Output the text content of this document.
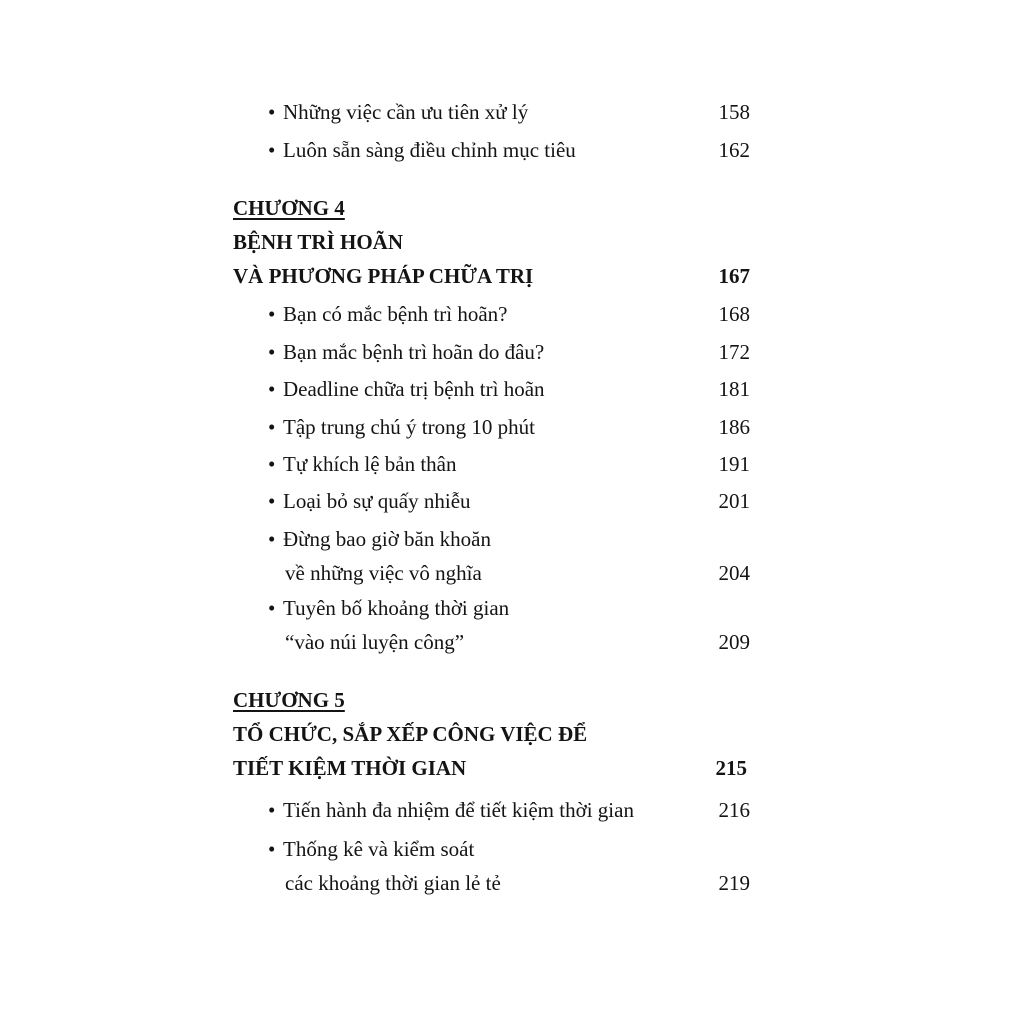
• Những việc cần ưu tiên xử lý	158
• Luôn sẵn sàng điều chỉnh mục tiêu	162
CHƯƠNG 4
BỆNH TRÌ HOÃN
VÀ PHƯƠNG PHÁP CHỮA TRỊ	167
• Bạn có mắc bệnh trì hoãn?	168
• Bạn mắc bệnh trì hoãn do đâu?	172
• Deadline chữa trị bệnh trì hoãn	181
• Tập trung chú ý trong 10 phút	186
• Tự khích lệ bản thân	191
• Loại bỏ sự quấy nhiễu	201
• Đừng bao giờ băn khoăn
về những việc vô nghĩa	204
• Tuyên bố khoảng thời gian
“vào núi luyện công”	209
CHƯƠNG 5
TỔ CHỨC, SẮP XẾP CÔNG VIỆC ĐỂ
TIẾT KIỆM THỜI GIAN	215
• Tiến hành đa nhiệm để tiết kiệm thời gian	216
• Thống kê và kiểm soát
các khoảng thời gian lẻ tẻ	219
